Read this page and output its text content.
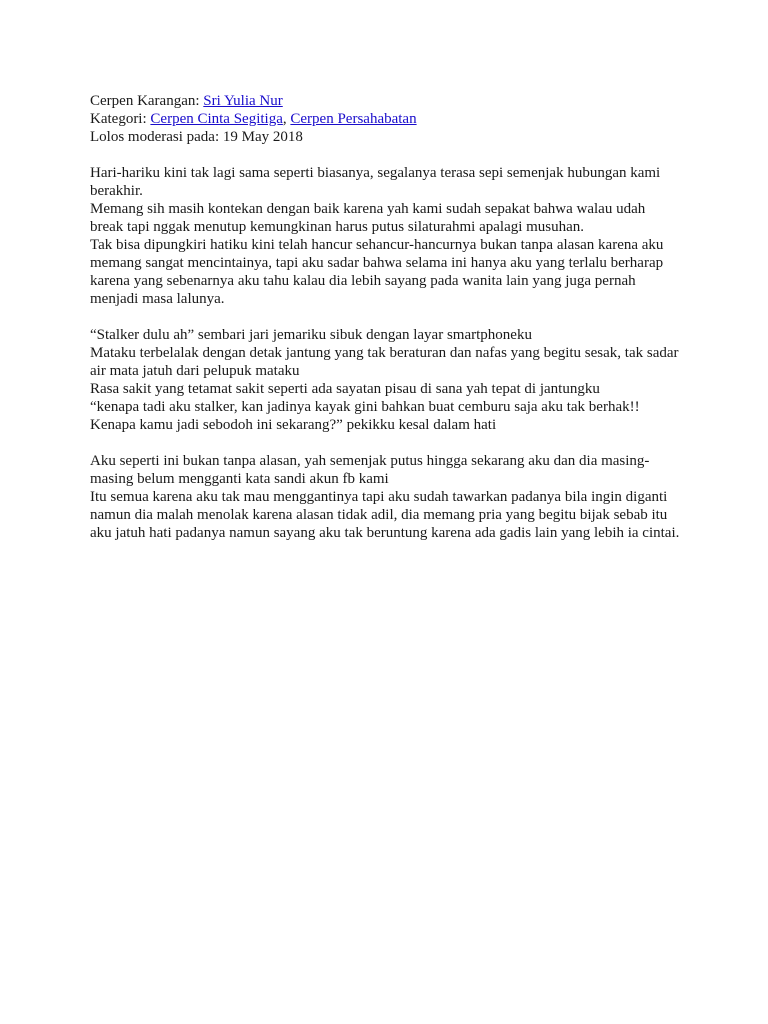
Cerpen Karangan: Sri Yulia Nur
Kategori: Cerpen Cinta Segitiga, Cerpen Persahabatan
Lolos moderasi pada: 19 May 2018

Hari-hariku kini tak lagi sama seperti biasanya, segalanya terasa sepi semenjak hubungan kami berakhir.

Memang sih masih kontekan dengan baik karena yah kami sudah sepakat bahwa walau udah break tapi nggak menutup kemungkinan harus putus silaturahmi apalagi musuhan.

Tak bisa dipungkiri hatiku kini telah hancur sehancur-hancurnya bukan tanpa alasan karena aku memang sangat mencintainya, tapi aku sadar bahwa selama ini hanya aku yang terlalu berharap karena yang sebenarnya aku tahu kalau dia lebih sayang pada wanita lain yang juga pernah menjadi masa lalunya.

“Stalker dulu ah” sembari jari jemariku sibuk dengan layar smartphoneku

Mataku terbelalak dengan detak jantung yang tak beraturan dan nafas yang begitu sesak, tak sadar air mata jatuh dari pelupuk mataku

Rasa sakit yang tetamat sakit seperti ada sayatan pisau di sana yah tepat di jantungku

“kenapa tadi aku stalker, kan jadinya kayak gini bahkan buat cemburu saja aku tak berhak!! Kenapa kamu jadi sebodoh ini sekarang?” pekikku kesal dalam hati

Aku seperti ini bukan tanpa alasan, yah semenjak putus hingga sekarang aku dan dia masing-masing belum mengganti kata sandi akun fb kami

Itu semua karena aku tak mau menggantinya tapi aku sudah tawarkan padanya bila ingin diganti namun dia malah menolak karena alasan tidak adil, dia memang pria yang begitu bijak sebab itu aku jatuh hati padanya namun sayang aku tak beruntung karena ada gadis lain yang lebih ia cintai.
